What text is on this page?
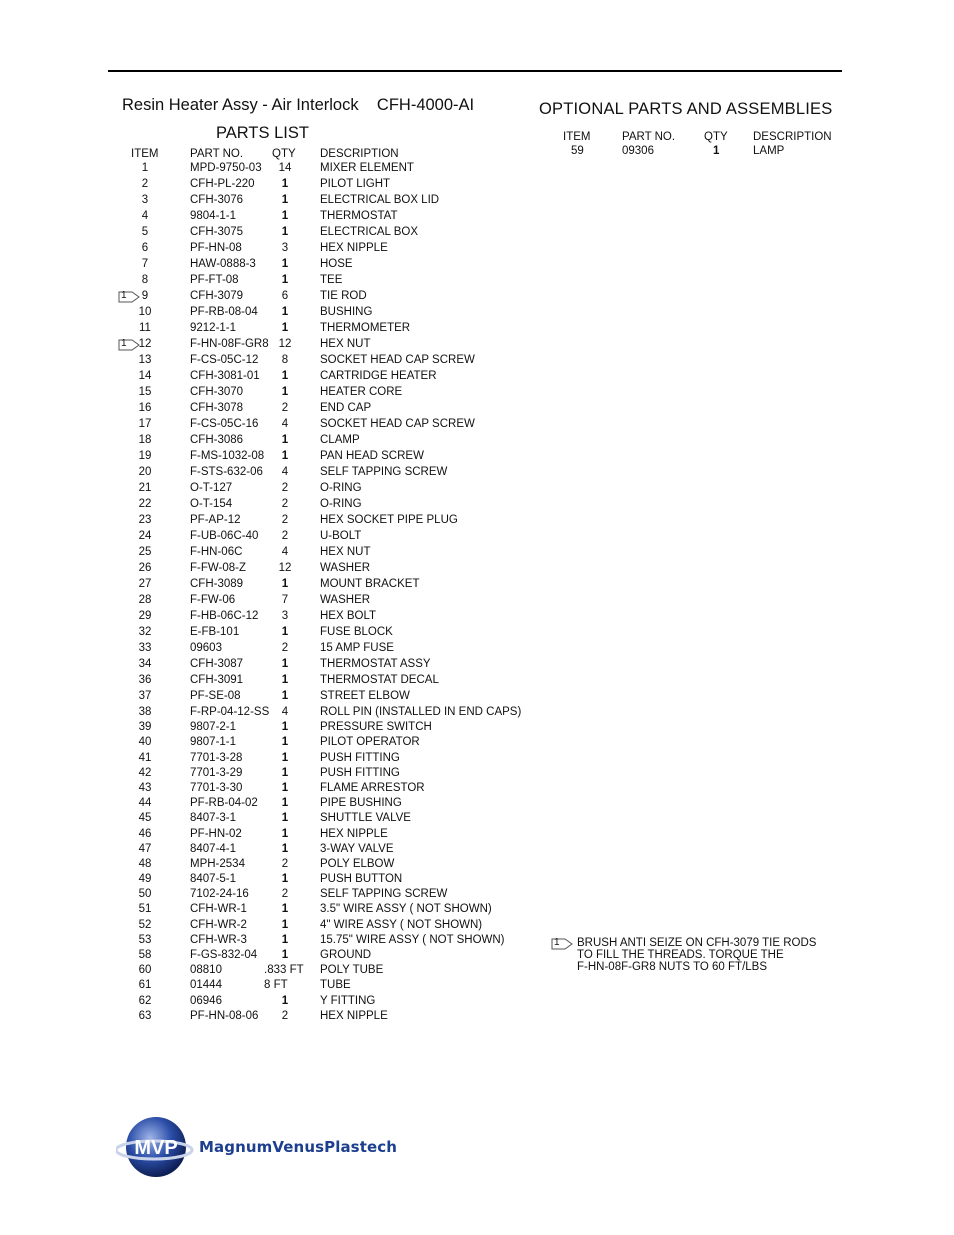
Resin Heater Assy - Air Interlock    CFH-4000-AI
PARTS LIST
OPTIONAL PARTS AND ASSEMBLIES
ITEM	PART NO.	QTY DESCRIPTION
1	MPD-9750-03	14	MIXER ELEMENT
2	CFH-PL-220	1	PILOT LIGHT
3	CFH-3076	1	ELECTRICAL BOX LID
4	9804-1-1	1	THERMOSTAT
5	CFH-3075	1	ELECTRICAL BOX
6	PF-HN-08	3	HEX NIPPLE
7	HAW-0888-3	1	HOSE
8	PF-FT-08	1	TEE
9	CFH-3079	6	TIE ROD
1
10	PF-RB-08-04	1	BUSHING
11	9212-1-1	1	THERMOMETER
12	F-HN-08F-GR8 12	HEX NUT
1
13	F-CS-05C-12	8	SOCKET HEAD CAP SCREW
14	CFH-3081-01	1	CARTRIDGE HEATER
15	CFH-3070	1	HEATER CORE
16	CFH-3078	2	END CAP
17	F-CS-05C-16	4	SOCKET HEAD CAP SCREW
18	CFH-3086	1	CLAMP
19	F-MS-1032-08	1	PAN HEAD SCREW
20	F-STS-632-06	4	SELF TAPPING SCREW
21	O-T-127	2	O-RING
22	O-T-154	2	O-RING
23	PF-AP-12	2	HEX SOCKET PIPE PLUG
24	F-UB-06C-40	2	U-BOLT
25	F-HN-06C	4	HEX NUT
26	F-FW-08-Z	12	WASHER
27	CFH-3089	1	MOUNT BRACKET
28	F-FW-06	7	WASHER
29	F-HB-06C-12	3	HEX BOLT
32	E-FB-101	1	FUSE BLOCK
33	09603	2	15 AMP FUSE
34	CFH-3087	1	THERMOSTAT ASSY
36	CFH-3091	1	THERMOSTAT DECAL
37	PF-SE-08	1	STREET ELBOW
38	F-RP-04-12-SS	4	ROLL PIN (INSTALLED IN END CAPS)
39	9807-2-1	1	PRESSURE SWITCH
40	9807-1-1	1	PILOT OPERATOR
41	7701-3-28	1	PUSH FITTING
42	7701-3-29	1	PUSH FITTING
43	7701-3-30	1	FLAME ARRESTOR
44	PF-RB-04-02	1	PIPE BUSHING
45	8407-3-1	1	SHUTTLE VALVE
46	PF-HN-02	1	HEX NIPPLE
47	8407-4-1	1	3-WAY VALVE
48	MPH-2534	2	POLY ELBOW
49	8407-5-1	1	PUSH BUTTON
50	7102-24-16	2	SELF TAPPING SCREW
51	CFH-WR-1	1	3.5" WIRE ASSY ( NOT SHOWN)
52	CFH-WR-2	1	4" WIRE ASSY ( NOT SHOWN)
53	CFH-WR-3	1	15.75" WIRE ASSY ( NOT SHOWN)
58	F-GS-832-04	1	GROUND
60	08810	.833 FT POLY TUBE
61	01444	8 FT	TUBE
62	06946	1	Y FITTING
63	PF-HN-08-06	2	HEX NIPPLE
ITEM	PART NO.	QTY DESCRIPTION
59	09306	1	LAMP
1 BRUSH ANTI SEIZE ON CFH-3079 TIE RODS
TO FILL THE THREADS. TORQUE THE
F-HN-08F-GR8 NUTS TO 60 FT/LBS
MVP MagnumVenusPlastech
